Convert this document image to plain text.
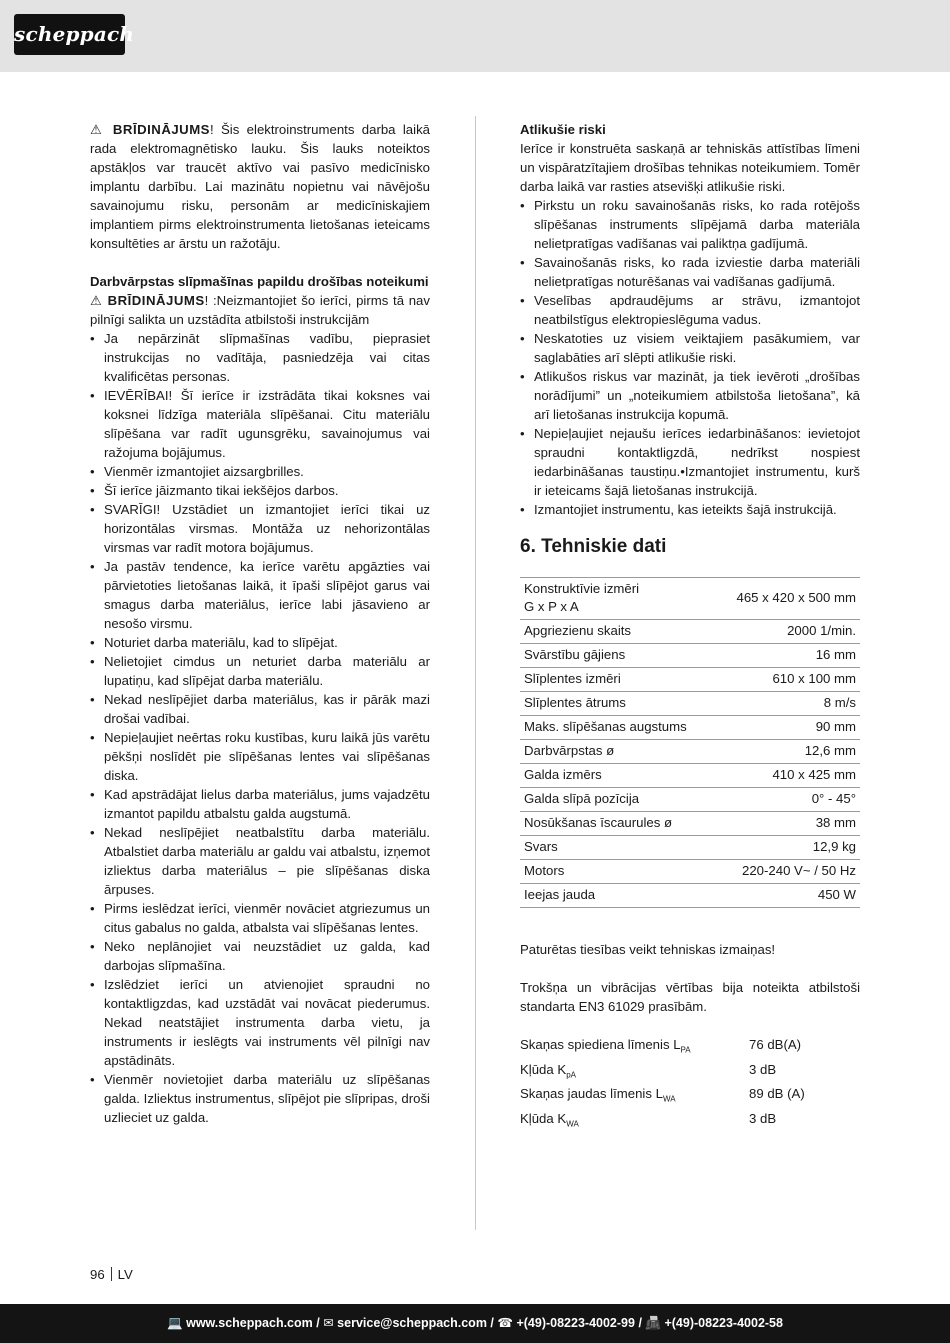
scheppach

⚠ BRĪDINĀJUMS! Šis elektroinstruments darba laikā rada elektromagnētisko lauku. Šis lauks noteiktos apstākļos var traucēt aktīvo vai pasīvo medicīnisko implantu darbību. Lai mazinātu nopietnu vai nāvējošu savainojumu risku, personām ar medicīniskajiem implantiem pirms elektroinstrumenta lietošanas ieteicams konsultēties ar ārstu un ražotāju.

Darbvārpstas slīpmašīnas papildu drošības noteikumi

⚠ BRĪDINĀJUMS! :Neizmantojiet šo ierīci, pirms tā nav pilnīgi salikta un uzstādīta atbilstoši instrukcijām

• Ja nepārzināt slīpmašīnas vadību, pieprasiet instrukcijas no vadītāja, pasniedzēja vai citas kvalificētas personas.
• IEVĒRĪBAI! Šī ierīce ir izstrādāta tikai koksnes vai koksnei līdzīga materiāla slīpēšanai. Citu materiālu slīpēšana var radīt ugunsgrēku, savainojumus vai ražojuma bojājumus.
• Vienmēr izmantojiet aizsargbrilles.
• Šī ierīce jāizmanto tikai iekšējos darbos.
• SVARĪGI! Uzstādiet un izmantojiet ierīci tikai uz horizontālas virsmas. Montāža uz nehorizontālas virsmas var radīt motora bojājumus.
• Ja pastāv tendence, ka ierīce varētu apgāzties vai pārvietoties lietošanas laikā, it īpaši slīpējot garus vai smagus darba materiālus, ierīce labi jāsavieno ar nesošo virsmu.
• Noturiet darba materiālu, kad to slīpējat.
• Nelietojiet cimdus un neturiet darba materiālu ar lupatiņu, kad slīpējat darba materiālu.
• Nekad neslīpējiet darba materiālus, kas ir pārāk mazi drošai vadībai.
• Nepieļaujiet neērtas roku kustības, kuru laikā jūs varētu pēkšņi noslīdēt pie slīpēšanas lentes vai slīpēšanas diska.
• Kad apstrādājat lielus darba materiālus, jums vajadzētu izmantot papildu atbalstu galda augstumā.
• Nekad neslīpējiet neatbalstītu darba materiālu. Atbalstiet darba materiālu ar galdu vai atbalstu, izņemot izliektus darba materiālus – pie slīpēšanas diska ārpuses.
• Pirms ieslēdzat ierīci, vienmēr novāciet atgriezumus un citus gabalus no galda, atbalsta vai slīpēšanas lentes.
• Neko neplānojiet vai neuzstādiet uz galda, kad darbojas slīpmašīna.
• Izslēdziet ierīci un atvienojiet spraudni no kontaktligzdas, kad uzstādāt vai novācat piederumus. Nekad neatstājiet instrumenta darba vietu, ja instruments ir ieslēgts vai instruments vēl pilnīgi nav apstādināts.
• Vienmēr novietojiet darba materiālu uz slīpēšanas galda. Izliektus instrumentus, slīpējot pie slīpripas, droši uzlieciet uz galda.

Atlikušie riski

Ierīce ir konstruēta saskaņā ar tehniskās attīstības līmeni un vispāratzītajiem drošības tehnikas noteikumiem. Tomēr darba laikā var rasties atsevišķi atlikušie riski.

• Pirkstu un roku savainošanās risks, ko rada rotējošs slīpēšanas instruments slīpējamā darba materiāla nelietpratīgas vadīšanas vai paliktņa gadījumā.
• Savainošanās risks, ko rada izviestie darba materiāli nelietpratīgas noturēšanas vai vadīšanas gadījumā.
• Veselības apdraudējums ar strāvu, izmantojot neatbilstīgus elektropieslēguma vadus.
• Neskatoties uz visiem veiktajiem pasākumiem, var saglabāties arī slēpti atlikušie riski.
• Atlikušos riskus var mazināt, ja tiek ievēroti „drošības norādījumi” un „noteikumiem atbilstoša lietošana”, kā arī lietošanas instrukcija kopumā.
• Nepieļaujiet nejaušu ierīces iedarbināšanos: ievietojot spraudni kontaktligzdā, nedrīkst nospiest iedarbināšanas taustiņu.•Izmantojiet instrumentu, kurš ir ieteicams šajā lietošanas instrukcijā.
• Izmantojiet instrumentu, kas ieteikts šajā instrukcijā.
6. Tehniskie dati
Konstruktīvie izmēri
G x P x A	465 x 420 x 500 mm
Apgriezienu skaits	2000 1/min.
Svārstību gājiens	16 mm
Slīplentes izmēri	610 x 100 mm
Slīplentes ātrums	8 m/s
Maks. slīpēšanas augstums	90 mm
Darbvārpstas ø	12,6 mm
Galda izmērs	410 x 425 mm
Galda slīpā pozīcija	0° - 45°
Nosūkšanas īscaurules ø	38 mm
Svars	12,9 kg
Motors	220-240 V~ / 50 Hz
Ieejas jauda	450 W

Paturētas tiesības veikt tehniskas izmaiņas!

Trokšņa un vibrācijas vērtības bija noteikta atbilstoši standarta EN3 61029 prasībām.

Skaņas spiediena līmenis $L_{PA}$	76 dB(A)
Kļūda $K_{pA}$	3 dB
Skaņas jaudas līmenis $L_{WA}$	89 dB (A)
Kļūda $K_{WA}$	3 dB
96 LV
💻 www.scheppach.com / ✉ service@scheppach.com / ☎ +(49)-08223-4002-99 / 📠 +(49)-08223-4002-58
